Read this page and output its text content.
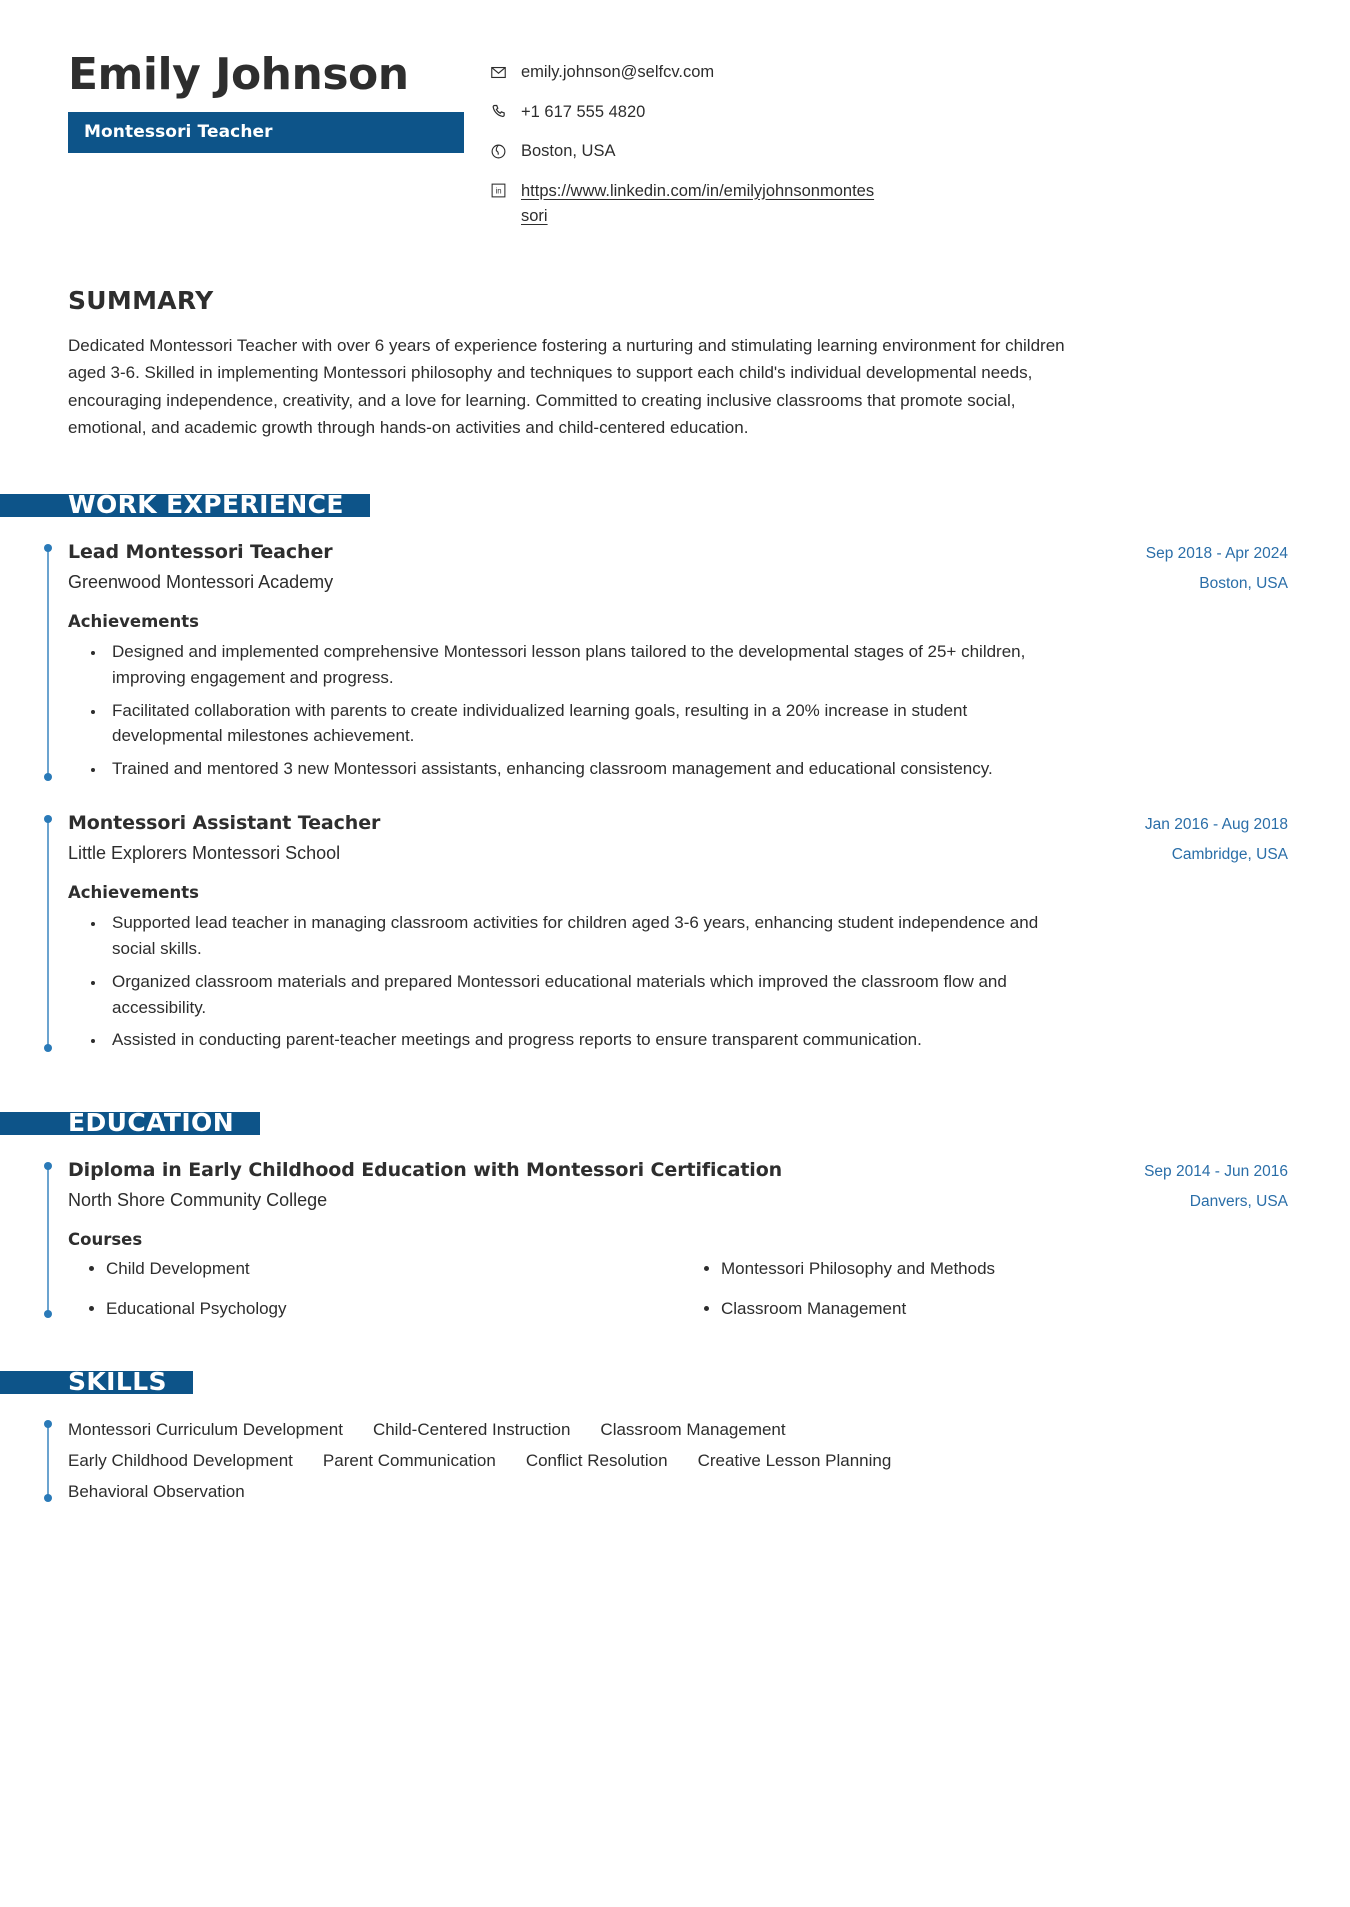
Emily Johnson
Montessori Teacher
emily.johnson@selfcv.com
+1 617 555 4820
Boston, USA
in https://www.linkedin.com/in/emilyjohnsonmontessori
SUMMARY

Dedicated Montessori Teacher with over 6 years of experience fostering a nurturing and stimulating learning environment for children aged 3-6. Skilled in implementing Montessori philosophy and techniques to support each child's individual developmental needs, encouraging independence, creativity, and a love for learning. Committed to creating inclusive classrooms that promote social, emotional, and academic growth through hands-on activities and child-centered education.

WORK EXPERIENCE
Lead Montessori Teacher	Sep 2018 - Apr 2024
Greenwood Montessori Academy	Boston, USA
Achievements
• Designed and implemented comprehensive Montessori lesson plans tailored to the developmental stages of 25+ children, improving engagement and progress.
• Facilitated collaboration with parents to create individualized learning goals, resulting in a 20% increase in student developmental milestones achievement.
• Trained and mentored 3 new Montessori assistants, enhancing classroom management and educational consistency.
Montessori Assistant Teacher	Jan 2016 - Aug 2018
Little Explorers Montessori School	Cambridge, USA
Achievements
• Supported lead teacher in managing classroom activities for children aged 3-6 years, enhancing student independence and social skills.
• Organized classroom materials and prepared Montessori educational materials which improved the classroom flow and accessibility.
• Assisted in conducting parent-teacher meetings and progress reports to ensure transparent communication.
EDUCATION
Diploma in Early Childhood Education with Montessori Certification	Sep 2014 - Jun 2016
North Shore Community College	Danvers, USA
Courses
• Child Development	• Montessori Philosophy and Methods
• Educational Psychology	• Classroom Management
SKILLS
Montessori Curriculum Development Child-Centered Instruction Classroom Management
Early Childhood Development Parent Communication Conflict Resolution Creative Lesson Planning
Behavioral Observation
